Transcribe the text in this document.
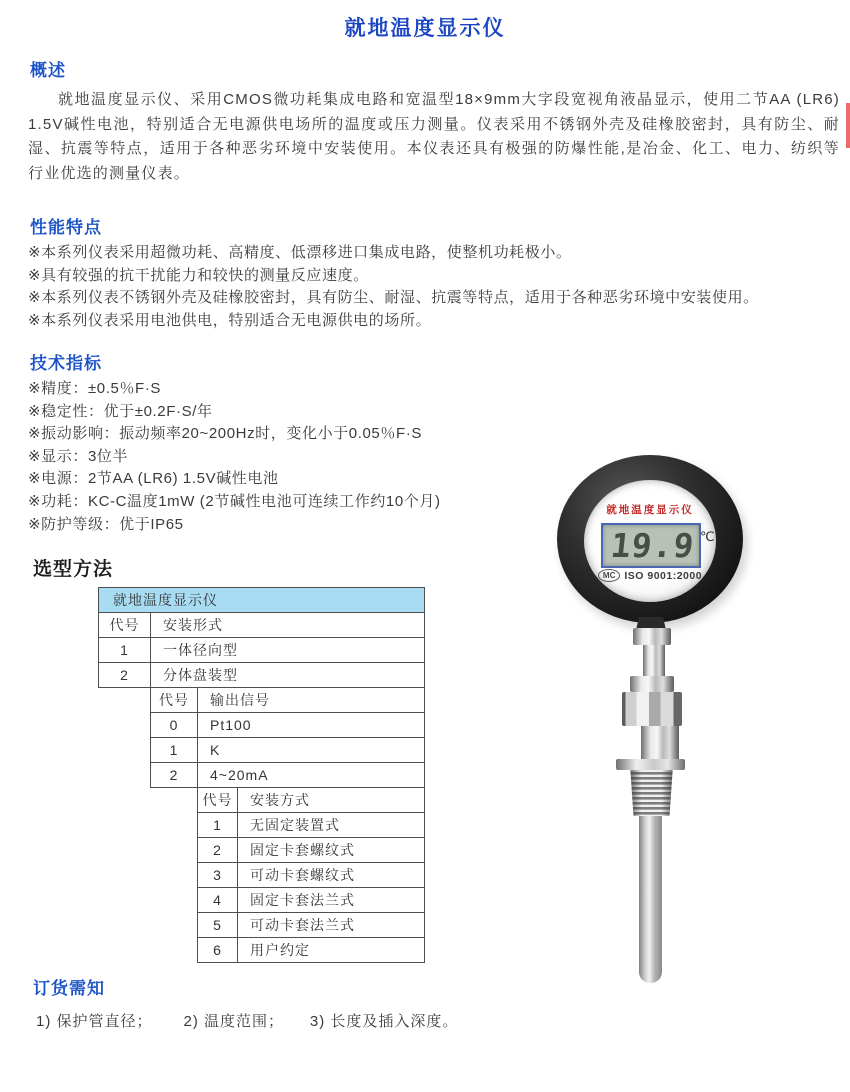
就地温度显示仪
概述

就地温度显示仪、采用CMOS微功耗集成电路和宽温型18×9mm大字段宽视角液晶显示，使用二节AA (LR6) 1.5V碱性电池，特别适合无电源供电场所的温度或压力测量。仪表采用不锈钢外壳及硅橡胶密封，具有防尘、耐湿、抗震等特点，适用于各种恶劣环境中安装使用。本仪表还具有极强的防爆性能,是冶金、化工、电力、纺织等行业优选的测量仪表。

性能特点
※本系列仪表采用超微功耗、高精度、低漂移进口集成电路，使整机功耗极小。
※具有较强的抗干扰能力和较快的测量反应速度。
※本系列仪表不锈钢外壳及硅橡胶密封，具有防尘、耐湿、抗震等特点，适用于各种恶劣环境中安装使用。
※本系列仪表采用电池供电，特别适合无电源供电的场所。
技术指标
※精度：±0.5％F·S
※稳定性：优于±0.2F·S/年
※振动影响：振动频率20~200Hz时，变化小于0.05％F·S
※显示：3位半
※电源：2节AA (LR6) 1.5V碱性电池
※功耗：KC-C温度1mW (2节碱性电池可连续工作约10个月)
※防护等级：优于IP65
选型方法
就地温度显示仪
代号	安装形式
1	一体径向型
2	分体盘装型
代号	输出信号
0	Pt100
1	K
2	4~20mA
代号	安装方式
1	无固定装置式
2	固定卡套螺纹式
3	可动卡套螺纹式
4	固定卡套法兰式
5	可动卡套法兰式
6	用户约定
订货需知
1) 保护管直径；      2) 温度范围；     3) 长度及插入深度。
就地温度显示仪
19.9 ℃
MC ISO 9001:2000
